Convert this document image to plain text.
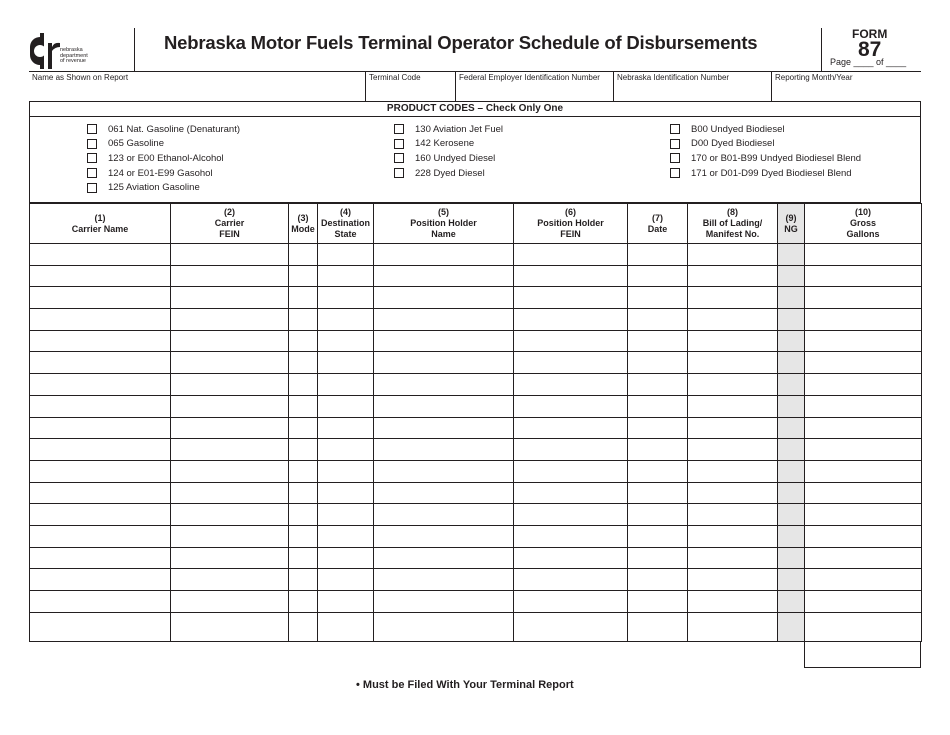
nebraska
department
of revenue
Nebraska Motor Fuels Terminal Operator Schedule of Disbursements	FORM
87
Page ____ of ____
Name as Shown on Report	Terminal Code	Federal Employer Identification Number	Nebraska Identification Number	Reporting Month/Year
PRODUCT CODES – Check Only One
061 Nat. Gasoline (Denaturant)
065 Gasoline
123 or E00 Ethanol-Alcohol
124 or E01-E99 Gasohol
125 Aviation Gasoline
130 Aviation Jet Fuel
142 Kerosene
160 Undyed Diesel
228 Dyed Diesel
B00 Undyed Biodiesel
D00 Dyed Biodiesel
170 or B01-B99 Undyed Biodiesel Blend
171 or D01-D99 Dyed Biodiesel Blend
(1)
Carrier Name	(2)
Carrier
FEIN	(3)
Mode	(4)
Destination
State	(5)
Position Holder
Name	(6)
Position Holder
FEIN	(7)
Date	(8)
Bill of Lading/
Manifest No.	(9)
NG	(10)
Gross
Gallons

• Must be Filed With Your Terminal Report
